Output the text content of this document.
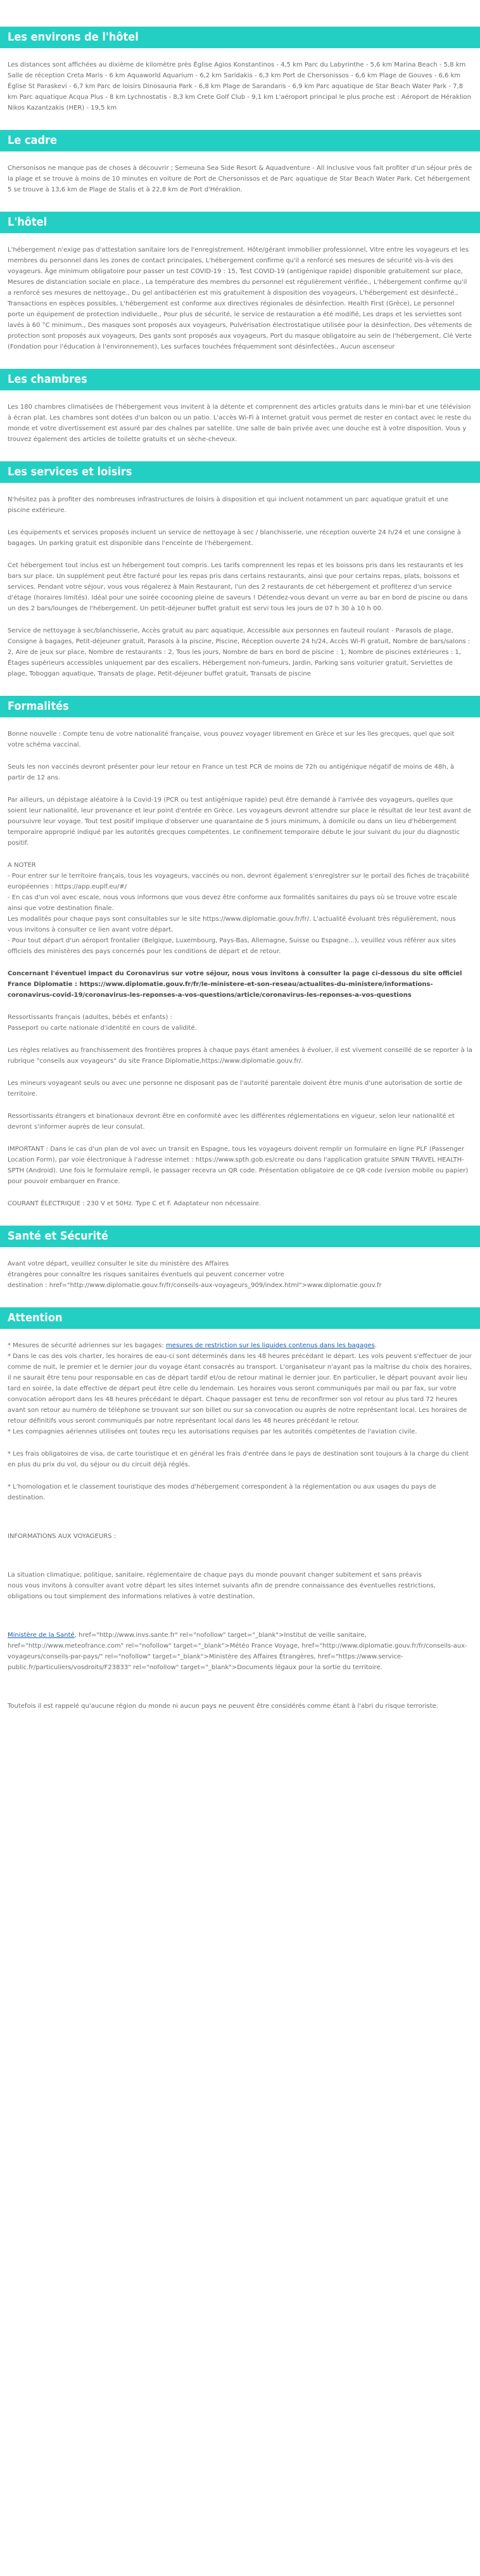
Les environs de l'hôtel

Les distances sont affichées au dixième de kilomètre près Église Agios Konstantinos - 4,5 km Parc du Labyrinthe - 5,6 km Marina Beach - 5,8 km Salle de réception Creta Maris - 6 km Aquaworld Aquarium - 6,2 km Saridakis - 6,3 km Port de Chersonissos - 6,6 km Plage de Gouves - 6,6 km Église St Paraskevi - 6,7 km Parc de loisirs Dinosauria Park - 6,8 km Plage de Sarandaris - 6,9 km Parc aquatique de Star Beach Water Park - 7,8 km Parc aquatique Acqua Plus - 8 km Lychnostatis - 8,3 km Crete Golf Club - 9,1 km L'aéroport principal le plus proche est : Aéroport de Héraklion Nikos Kazantzakis (HER) - 19,5 km

Le cadre

Chersonisos ne manque pas de choses à découvrir ; Semeuna Sea Side Resort & Aquadventure - All Inclusive vous fait profiter d'un séjour près de la plage et se trouve à moins de 10 minutes en voiture de Port de Chersonissos et de Parc aquatique de Star Beach Water Park. Cet hébergement 5 se trouve à 13,6 km de Plage de Stalis et à 22,8 km de Port d'Héraklion.

L'hôtel

L'hébergement n'exige pas d'attestation sanitaire lors de l'enregistrement. Hôte/gérant immobilier professionnel, Vitre entre les voyageurs et les membres du personnel dans les zones de contact principales, L'hébergement confirme qu'il a renforcé ses mesures de sécurité vis-à-vis des voyageurs. Âge minimum obligatoire pour passer un test COVID-19 : 15, Test COVID-19 (antigénique rapide) disponible gratuitement sur place, Mesures de distanciation sociale en place., La température des membres du personnel est régulièrement vérifiée., L'hébergement confirme qu'il a renforcé ses mesures de nettoyage., Du gel antibactérien est mis gratuitement à disposition des voyageurs, L'hébergement est désinfecté., Transactions en espèces possibles, L'hébergement est conforme aux directives régionales de désinfection. Health First (Grèce), Le personnel porte un équipement de protection individuelle., Pour plus de sécurité, le service de restauration a été modifié, Les draps et les serviettes sont lavés à 60 °C minimum., Des masques sont proposés aux voyageurs, Pulvérisation électrostatique utilisée pour la désinfection, Des vêtements de protection sont proposés aux voyageurs, Des gants sont proposés aux voyageurs, Port du masque obligatoire au sein de l'hébergement, Clé Verte (Fondation pour l'éducation à l'environnement), Les surfaces touchées fréquemment sont désinfectées., Aucun ascenseur

Les chambres

Les 180 chambres climatisées de l'hébergement vous invitent à la détente et comprennent des articles gratuits dans le mini-bar et une télévision à écran plat. Les chambres sont dotées d'un balcon ou un patio. L'accès Wi-Fi à Internet gratuit vous permet de rester en contact avec le reste du monde et votre divertissement est assuré par des chaînes par satellite. Une salle de bain privée avec une douche est à votre disposition. Vous y trouvez également des articles de toilette gratuits et un sèche-cheveux.

Les services et loisirs

N'hésitez pas à profiter des nombreuses infrastructures de loisirs à disposition et qui incluent notamment un parc aquatique gratuit et une piscine extérieure.

Les équipements et services proposés incluent un service de nettoyage à sec / blanchisserie, une réception ouverte 24 h/24 et une consigne à bagages. Un parking gratuit est disponible dans l'enceinte de l'hébergement.

Cet hébergement tout inclus est un hébergement tout compris. Les tarifs comprennent les repas et les boissons pris dans les restaurants et les bars sur place. Un supplément peut être facturé pour les repas pris dans certains restaurants, ainsi que pour certains repas, plats, boissons et services. Pendant votre séjour, vous vous régalerez à Main Restaurant, l'un des 2 restaurants de cet hébergement et profiterez d'un service d'étage (horaires limités). Idéal pour une soirée cocooning pleine de saveurs ! Détendez-vous devant un verre au bar en bord de piscine ou dans un des 2 bars/lounges de l'hébergement. Un petit-déjeuner buffet gratuit est servi tous les jours de 07 h 30 à 10 h 00.

Service de nettoyage à sec/blanchisserie, Accès gratuit au parc aquatique, Accessible aux personnes en fauteuil roulant - Parasols de plage, Consigne à bagages, Petit-déjeuner gratuit, Parasols à la piscine, Piscine, Réception ouverte 24 h/24, Accès Wi-Fi gratuit, Nombre de bars/salons : 2, Aire de jeux sur place, Nombre de restaurants : 2, Tous les jours, Nombre de bars en bord de piscine : 1, Nombre de piscines extérieures : 1, Étages supérieurs accessibles uniquement par des escaliers, Hébergement non-fumeurs, Jardin, Parking sans voiturier gratuit, Serviettes de plage, Toboggan aquatique, Transats de plage, Petit-déjeuner buffet gratuit, Transats de piscine

Formalités

Bonne nouvelle : Compte tenu de votre nationalité française, vous pouvez voyager librement en Grèce et sur les îles grecques, quel que soit votre schéma vaccinal.

Seuls les non vaccinés devront présenter pour leur retour en France un test PCR de moins de 72h ou antigénique négatif de moins de 48h, à partir de 12 ans.

Par ailleurs, un dépistage aléatoire à la Covid-19 (PCR ou test antigénique rapide) peut être demandé à l'arrivée des voyageurs, quelles que soient leur nationalité, leur provenance et leur point d'entrée en Grèce. Les voyageurs devront attendre sur place le résultat de leur test avant de poursuivre leur voyage. Tout test positif implique d'observer une quarantaine de 5 jours minimum, à domicile ou dans un lieu d'hébergement temporaire approprié indiqué par les autorités grecques compétentes. Le confinement temporaire débute le jour suivant du jour du diagnostic positif.

A NOTER

- Pour entrer sur le territoire français, tous les voyageurs, vaccinés ou non, devront également s'enregistrer sur le portail des fiches de traçabilité européennes : https://app.euplf.eu/#/

- En cas d'un vol avec escale, nous vous informons que vous devez être conforme aux formalités sanitaires du pays où se trouve votre escale ainsi que votre destination finale.

Les modalités pour chaque pays sont consultables sur le site https://www.diplomatie.gouv.fr/fr/. L'actualité évoluant très régulièrement, nous vous invitons à consulter ce lien avant votre départ.

- Pour tout départ d'un aéroport frontalier (Belgique, Luxembourg, Pays-Bas, Allemagne, Suisse ou Espagne...), veuillez vous référer aux sites officiels des ministères des pays concernés pour les conditions de départ et de retour.

Concernant l'éventuel impact du Coronavirus sur votre séjour, nous vous invitons à consulter la page ci-dessous du site officiel France Diplomatie : https://www.diplomatie.gouv.fr/fr/le-ministere-et-son-reseau/actualites-du-ministere/informations-coronavirus-covid-19/coronavirus-les-reponses-a-vos-questions/article/coronavirus-les-reponses-a-vos-questions

Ressortissants français (adultes, bébés et enfants) :

Passeport ou carte nationale d'identité en cours de validité.

Les règles relatives au franchissement des frontières propres à chaque pays étant amenées à évoluer, il est vivement conseillé de se reporter à la rubrique "conseils aux voyageurs" du site France Diplomatie,https://www.diplomatie.gouv.fr/.

Les mineurs voyageant seuls ou avec une personne ne disposant pas de l'autorité parentale doivent être munis d'une autorisation de sortie de territoire.

Ressortissants étrangers et binationaux devront être en conformité avec les différentes réglementations en vigueur, selon leur nationalité et devront s'informer auprès de leur consulat.

IMPORTANT : Dans le cas d'un plan de vol avec un transit en Espagne, tous les voyageurs doivent remplir un formulaire en ligne PLF (Passenger Location Form), par voie électronique à l'adresse internet : https://www.spth.gob.es/create ou dans l'application gratuite SPAIN TRAVEL HEALTH-SPTH (Android). Une fois le formulaire rempli, le passager recevra un QR code. Présentation obligatoire de ce QR code (version mobile ou papier) pour pouvoir embarquer en France.

COURANT ÉLECTRIQUE : 230 V et 50Hz. Type C et F. Adaptateur non nécessaire.

Santé et Sécurité

Avant votre départ, veuillez consulter le site du ministère des Affaires

étrangères pour connaître les risques sanitaires éventuels qui peuvent concerner votre

destination : href="http://www.diplomatie.gouv.fr/fr/conseils-aux-voyageurs_909/index.html">www.diplomatie.gouv.fr

Attention

* Mesures de sécurité adriennes sur les bagages: mesures de restriction sur les liquides contenus dans les bagages.

* Dans le cas des vols charter, les horaires de eau-ci sont déterminés dans les 48 heures précédant le départ. Les vols peuvent s'effectuer de jour comme de nuit, le premier et le dernier jour du voyage étant consacrés au transport. L'organisateur n'ayant pas la maîtrise du choix des horaires, il ne saurait être tenu pour responsable en cas de départ tardif et/ou de retour matinal le dernier jour. En particulier, le départ pouvant avoir lieu tard en soirée, la date effective de départ peut être celle du lendemain. Les horaires vous seront communiqués par mail ou par fax, sur votre convocation aéroport dans les 48 heures précédant le départ. Chaque passager est tenu de reconfirmer son vol retour au plus tard 72 heures avant son retour au numéro de téléphone se trouvant sur son billet ou sur sa convocation ou auprès de notre représentant local. Les horaires de retour définitifs vous seront communiqués par notre représentant local dans les 48 heures précédant le retour.

* Les compagnies aériennes utilisées ont toutes reçu les autorisations requises par les autorités compétentes de l'aviation civile.

* Les frais obligatoires de visa, de carte touristique et en général les frais d'entrée dans le pays de destination sont toujours à la charge du client en plus du prix du vol, du séjour ou du circuit déjà réglés.

* L'homologation et le classement touristique des modes d'hébergement correspondent à la réglementation ou aux usages du pays de destination.

INFORMATIONS AUX VOYAGEURS :

La situation climatique, politique, sanitaire, réglementaire de chaque pays du monde pouvant changer subitement et sans préavis

nous vous invitons à consulter avant votre départ les sites Internet suivants afin de prendre connaissance des éventuelles restrictions, obligations ou tout simplement des informations relatives à votre destination.

Ministère de la Santé, href="http://www.invs.sante.fr" rel="nofollow" target="_blank">Institut de veille sanitaire, href="http://www.meteofrance.com" rel="nofollow" target="_blank">Météo France Voyage, href="http://www.diplomatie.gouv.fr/fr/conseils-aux-voyageurs/conseils-par-pays/" rel="nofollow" target="_blank">Ministère des Affaires Étrangères, href="https://www.service-public.fr/particuliers/vosdroits/F23833" rel="nofollow" target="_blank">Documents légaux pour la sortie du territoire.

Toutefois il est rappelé qu'aucune région du monde ni aucun pays ne peuvent être considérés comme étant à l'abri du risque terroriste.
